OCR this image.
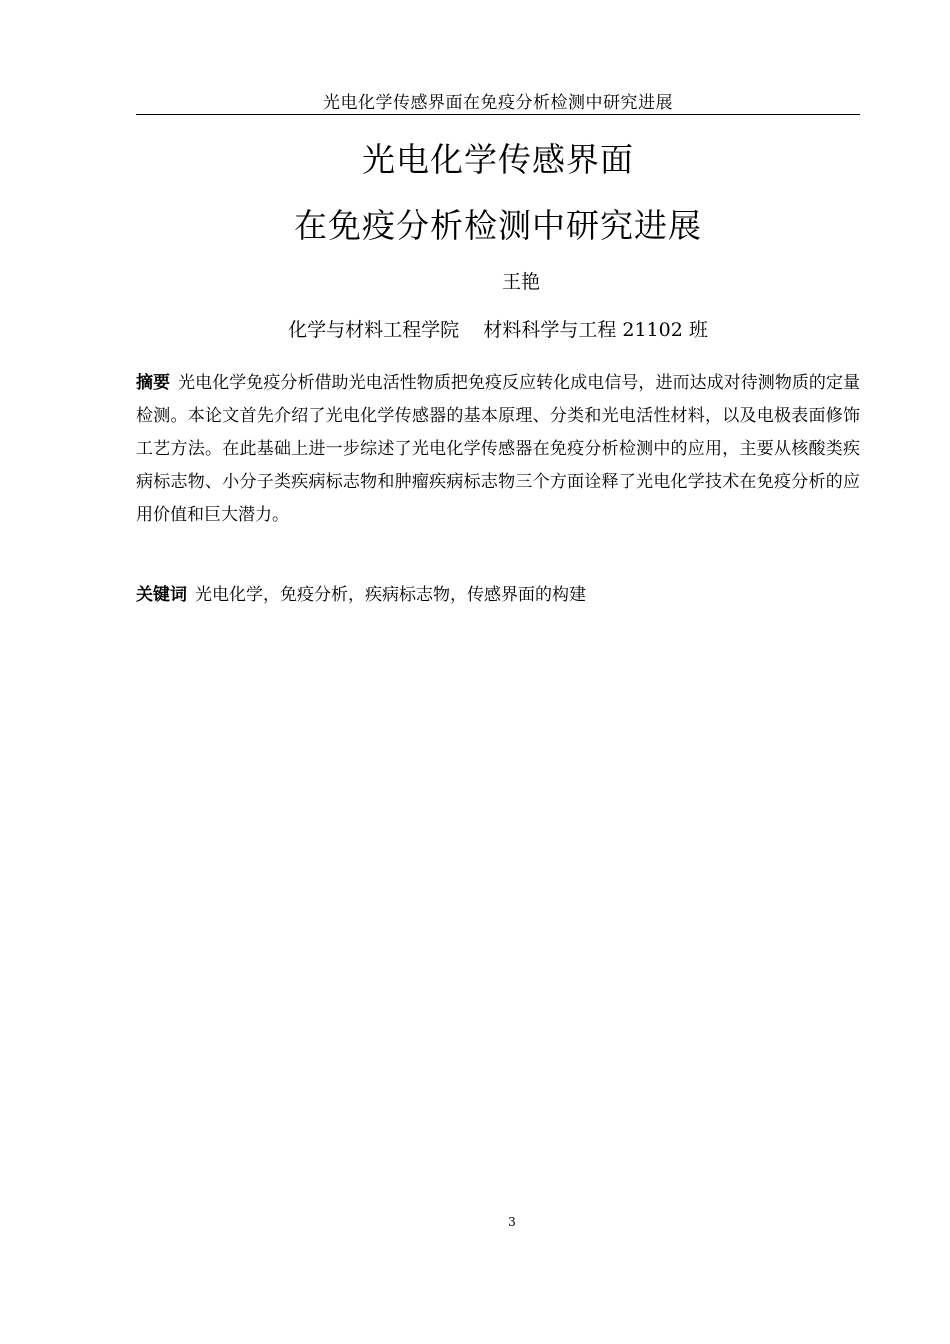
光电化学传感界面在免疫分析检测中研究进展
光电化学传感界面
在免疫分析检测中研究进展
王艳
化学与材料工程学院    材料科学与工程 21102 班
摘要 光电化学免疫分析借助光电活性物质把免疫反应转化成电信号，进而达成对待测物质的定量检测。本论文首先介绍了光电化学传感器的基本原理、分类和光电活性材料，以及电极表面修饰工艺方法。在此基础上进一步综述了光电化学传感器在免疫分析检测中的应用，主要从核酸类疾病标志物、小分子类疾病标志物和肿瘤疾病标志物三个方面诠释了光电化学技术在免疫分析的应用价值和巨大潜力。
关键词 光电化学，免疫分析，疾病标志物，传感界面的构建
3
